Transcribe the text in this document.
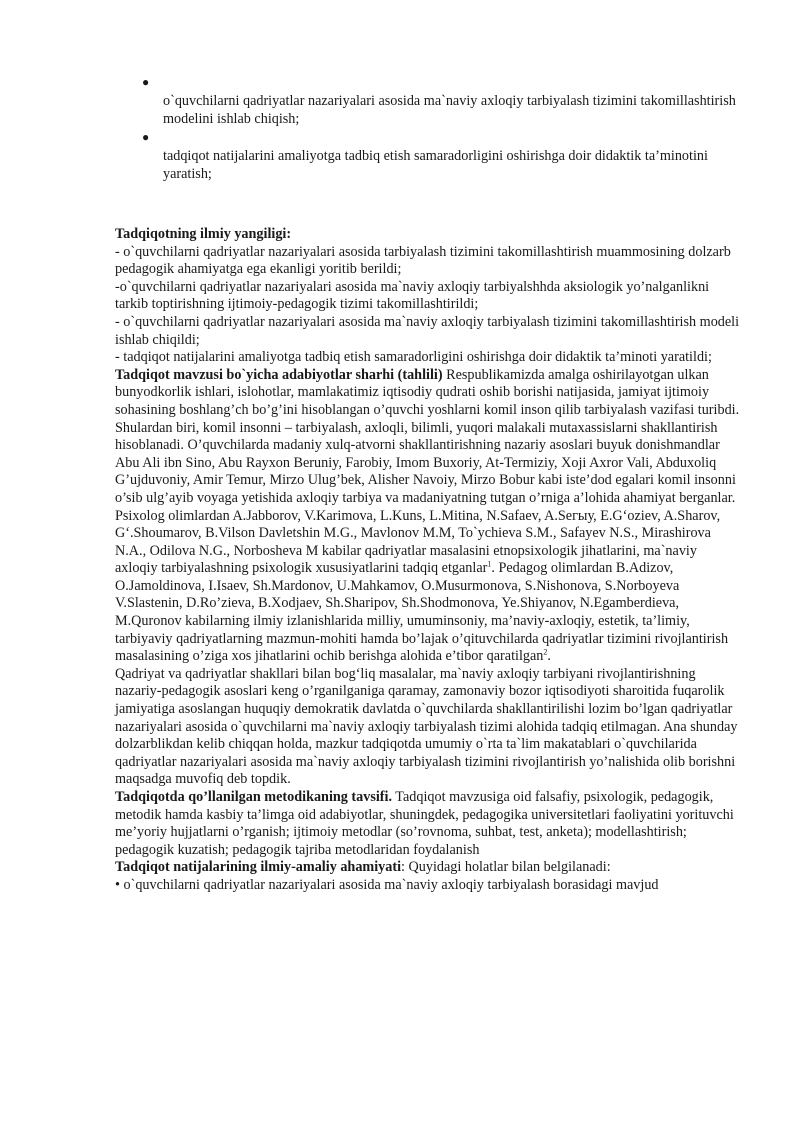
●
o`quvchilarni qadriyatlar nazariyalari asosida ma`naviy axloqiy tarbiyalash tizimini takomillashtirish modelini ishlab chiqish;
●
tadqiqot natijalarini amaliyotga tadbiq etish samaradorligini oshirishga doir didaktik ta’minotini yaratish;

Tadqiqotning ilmiy yangiligi:

- o`quvchilarni qadriyatlar nazariyalari asosida tarbiyalash tizimini takomillashtirish muammosining dolzarb pedagogik ahamiyatga ega ekanligi yoritib berildi;

-o`quvchilarni qadriyatlar nazariyalari asosida ma`naviy axloqiy tarbiyalshhda aksiologik yo’nalganlikni tarkib toptirishning ijtimoiy-pedagogik tizimi takomillashtirildi;

- o`quvchilarni qadriyatlar nazariyalari asosida ma`naviy axloqiy tarbiyalash tizimini takomillashtirish modeli ishlab chiqildi;

- tadqiqot natijalarini amaliyotga tadbiq etish samaradorligini oshirishga doir didaktik ta’minoti yaratildi;

Tadqiqot mavzusi bo`yicha adabiyotlar sharhi (tahlili) Respublikamizda amalga oshirilayotgan ulkan bunyodkorlik ishlari, islohotlar, mamlakatimiz iqtisodiy qudrati oshib borishi natijasida, jamiyat ijtimoiy sohasining boshlang’ch bo’g’ini hisoblangan o’quvchi yoshlarni komil inson qilib tarbiyalash vazifasi turibdi. Shulardan biri, komil insonni – tarbiyalash, axloqli, bilimli, yuqori malakali mutaxassislarni shakllantirish hisoblanadi. O’quvchilarda madaniy xulq-atvorni shakllantirishning nazariy asoslari buyuk donishmandlar Abu Ali ibn Sino, Abu Rayxon Beruniy, Farobiy, Imom Buxoriy, At-Termiziy, Xoji Axror Vali, Abduxoliq G’ujduvoniy, Amir Temur, Mirzo Ulug’bek, Alisher Navoiy, Mirzo Bobur kabi iste’dod egalari komil insonni o’sib ulg’ayib voyaga yetishida axloqiy tarbiya va madaniyatning tutgan o’rniga a’lohida ahamiyat berganlar. Psixolog olimlardan A.Jabborov, V.Karimova, L.Kuns, L.Mitina, N.Safaev, A.Sегыу, E.G‘oziev, A.Sharov, G‘.Shoumarov, B.Vilson Davletshin M.G., Mavlonov M.M, To`ychieva S.M., Safayev N.S., Mirashirova N.A., Odilova N.G., Norbosheva M kabilar qadriyatlar masalasini etnopsixologik jihatlarini, ma`naviy axloqiy tarbiyalashning psixologik xususiyatlarini tadqiq etganlar$^1$. Pedagog olimlardan B.Adizov, O.Jamoldinova, I.Isaev, Sh.Mardonov, U.Mahkamov, O.Musurmonova, S.Nishonova, S.Norboyeva V.Slastenin, D.Ro’zieva, B.Xodjaev, Sh.Sharipov, Sh.Shodmonova, Ye.Shiyanov, N.Egamberdieva, M.Quronov kabilarning ilmiy izlanishlarida milliy, umuminsoniy, ma’naviy-axloqiy, estetik, ta’limiy, tarbiyaviy qadriyatlarning mazmun-mohiti hamda bo’lajak o’qituvchilarda qadriyatlar tizimini rivojlantirish masalasining o’ziga xos jihatlarini ochib berishga alohida e’tibor qaratilgan$^2$.

Qadriyat va qadriyatlar shakllari bilan bog‘liq masalalar, ma`naviy axloqiy tarbiyani rivojlantirishning nazariy-pedagogik asoslari keng o’rganilganiga qaramay, zamonaviy bozor iqtisodiyoti sharoitida fuqarolik jamiyatiga asoslangan huquqiy demokratik davlatda o`quvchilarda shakllantirilishi lozim bo’lgan qadriyatlar nazariyalari asosida o`quvchilarni ma`naviy axloqiy tarbiyalash tizimi alohida tadqiq etilmagan. Ana shunday dolzarblikdan kelib chiqqan holda, mazkur tadqiqotda umumiy o`rta ta`lim makatablari o`quvchilarida qadriyatlar nazariyalari asosida ma`naviy axloqiy tarbiyalash tizimini rivojlantirish yo’nalishida olib borishni maqsadga muvofiq deb topdik.

Tadqiqotda qo’llanilgan metodikaning tavsifi. Tadqiqot mavzusiga oid falsafiy, psixologik, pedagogik, metodik hamda kasbiy ta’limga oid adabiyotlar, shuningdek, pedagogika universitetlari faoliyatini yorituvchi me’yoriy hujjatlarni o’rganish; ijtimoiy metodlar (so’rovnoma, suhbat, test, anketa); modellashtirish; pedagogik kuzatish; pedagogik tajriba metodlaridan foydalanish

Tadqiqot natijalarining ilmiy-amaliy ahamiyati: Quyidagi holatlar bilan belgilanadi:

• o`quvchilarni qadriyatlar nazariyalari asosida ma`naviy axloqiy tarbiyalash borasidagi mavjud
